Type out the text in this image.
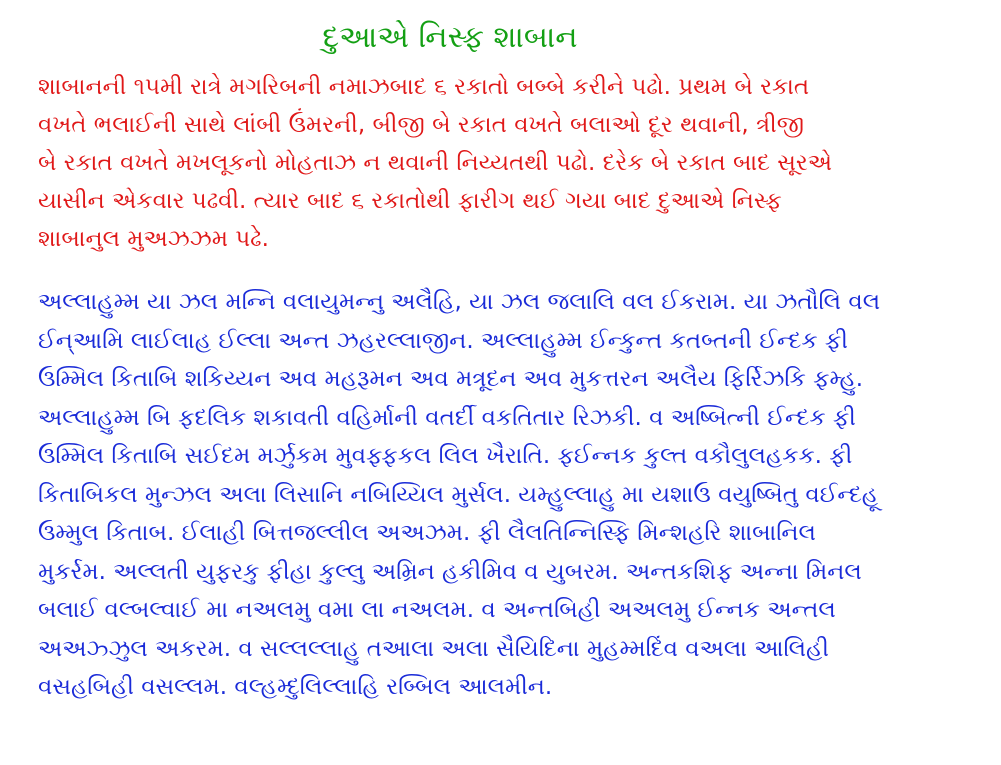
દુઆએ નિસ્ફ શાબાન
શાબાનની ૧૫મી રાત્રે મગરિબની નમાઝબાદ ૬ રકાતો બબ્બે કરીને પઢો. પ્રથમ બે રકાત
વખતે ભલાઈની સાથે લાંબી ઉંમરની, બીજી બે રકાત વખતે બલાઓ દૂર થવાની, ત્રીજી
બે રકાત વખતે મખલૂકનો મોહતાઝ ન થવાની નિય્યતથી પઢો. દરેક બે રકાત બાદ સૂરએ
યાસીન એકવાર પઢવી. ત્યાર બાદ ૬ રકાતોથી ફારીગ થઈ ગયા બાદ દુઆએ નિસ્ફ
શાબાનુલ મુઅઝઝમ પઢે.
અલ્લાહુમ્મ યા ઝલ મન્નિ વલાયુમન્નુ અલૈહિ, યા ઝલ જલાલિ વલ ઈકરામ. યા ઝતૌલિ વલ
ઈન્આમિ લાઈલાહ ઈલ્લા અન્ત ઝહરલ્લાજીન. અલ્લાહુમ્મ ઈન્કુન્ત કતબ્તની ઈન્દક ફી
ઉમ્મિલ કિતાબિ શકિય્યન અવ મહરૂમન અવ મત્રૂદન અવ મુકત્તરન અલૈય ફિર્રિઝકિ ફમ્હુ.
અલ્લાહુમ્મ બિ ફદલિક શકાવતી વહિર્માની વતર્દી વકતિતાર રિઝકી. વ અષ્બિત્ની ઈન્દક ફી
ઉમ્મિલ કિતાબિ સઈદમ મર્ઝુકમ મુવફ્ફકલ લિલ ખૈરાતિ. ફઈન્નક કુલ્ત વકૌલુલહકક. ફી
કિતાબિકલ મુન્ઝલ અલા લિસાનિ નબિય્યિલ મુર્સલ. યમ્હુલ્લાહુ મા યશાઉ વયુષ્બિતુ વઈન્દહૂ
ઉમ્મુલ કિતાબ. ઈલાહી બિત્તજલ્લીલ અઅઝમ. ફી લૈલતિન્નિસ્ફિ મિન્શહરિ શાબાનિલ
મુકર્રમ. અલ્લતી યુફરકુ ફીહા કુલ્લુ અમ્રિન હકીમિવ વ યુબરમ. અન્તકશિફ અન્ના મિનલ
બલાઈ વલ્બલ્વાઈ મા નઅલમુ વમા લા નઅલમ. વ અન્તબિહી અઅલમુ ઈન્નક અન્તલ
અઅઝ્ઝુલ અકરમ. વ સલ્લલ્લાહુ તઆલા અલા સૈયિદિના મુહમ્મદિંવ વઅલા આલિહી
વસહબિહી વસલ્લમ. વલ્હમ્દુલિલ્લાહિ રબ્બિલ આલમીન.
